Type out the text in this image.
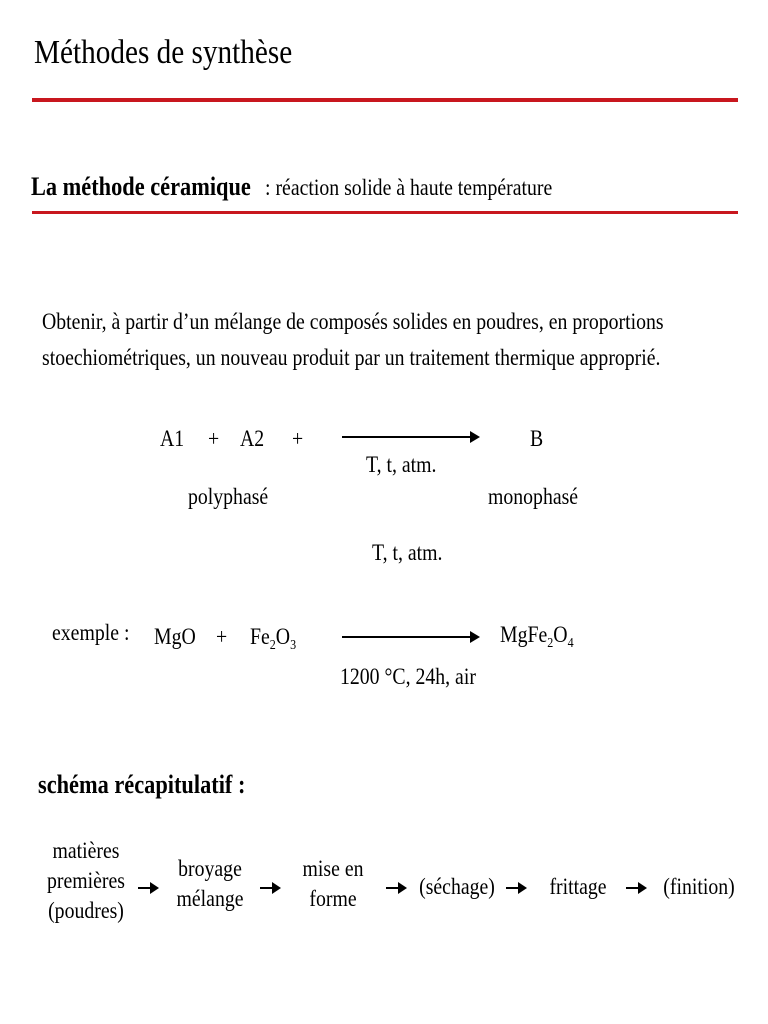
Méthodes de synthèse
La méthode céramique : réaction solide à haute température
Obtenir, à partir d’un mélange de composés solides en poudres, en proportions
stoechiométriques, un nouveau produit par un traitement thermique approprié.
A1 + A2 +	B
T, t, atm.
polyphasé	monophasé
T, t, atm.
exemple : MgO + $Fe_2O_3$	$MgFe_2O_4$
1200 °C, 24h, air
schéma récapitulatif :
matières
premières
(poudres)
broyage
mélange
mise en
forme	(séchage)	frittage	(finition)
